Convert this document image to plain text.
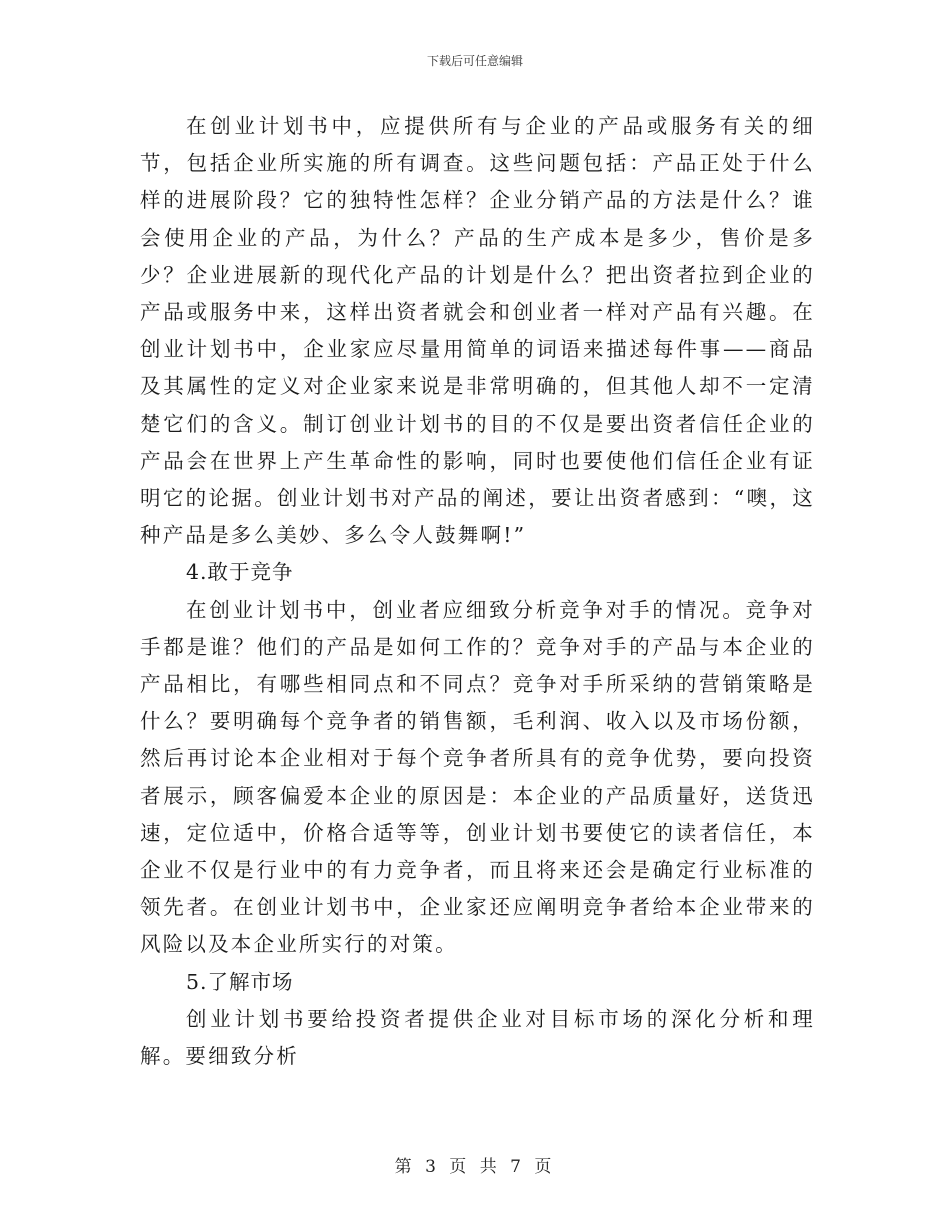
下载后可任意编辑

在创业计划书中，应提供所有与企业的产品或服务有关的细节，包括企业所实施的所有调查。这些问题包括：产品正处于什么样的进展阶段？它的独特性怎样？企业分销产品的方法是什么？谁会使用企业的产品，为什么？产品的生产成本是多少，售价是多少？企业进展新的现代化产品的计划是什么？把出资者拉到企业的产品或服务中来，这样出资者就会和创业者一样对产品有兴趣。在创业计划书中，企业家应尽量用简单的词语来描述每件事——商品及其属性的定义对企业家来说是非常明确的，但其他人却不一定清楚它们的含义。制订创业计划书的目的不仅是要出资者信任企业的产品会在世界上产生革命性的影响，同时也要使他们信任企业有证明它的论据。创业计划书对产品的阐述，要让出资者感到：“噢，这种产品是多么美妙、多么令人鼓舞啊!”

4.敢于竞争

在创业计划书中，创业者应细致分析竞争对手的情况。竞争对手都是谁？他们的产品是如何工作的？竞争对手的产品与本企业的产品相比，有哪些相同点和不同点？竞争对手所采纳的营销策略是什么？要明确每个竞争者的销售额，毛利润、收入以及市场份额，然后再讨论本企业相对于每个竞争者所具有的竞争优势，要向投资者展示，顾客偏爱本企业的原因是：本企业的产品质量好，送货迅速，定位适中，价格合适等等，创业计划书要使它的读者信任，本企业不仅是行业中的有力竞争者，而且将来还会是确定行业标准的领先者。在创业计划书中，企业家还应阐明竞争者给本企业带来的风险以及本企业所实行的对策。

5.了解市场

创业计划书要给投资者提供企业对目标市场的深化分析和理解。要细致分析

第 3 页 共 7 页
